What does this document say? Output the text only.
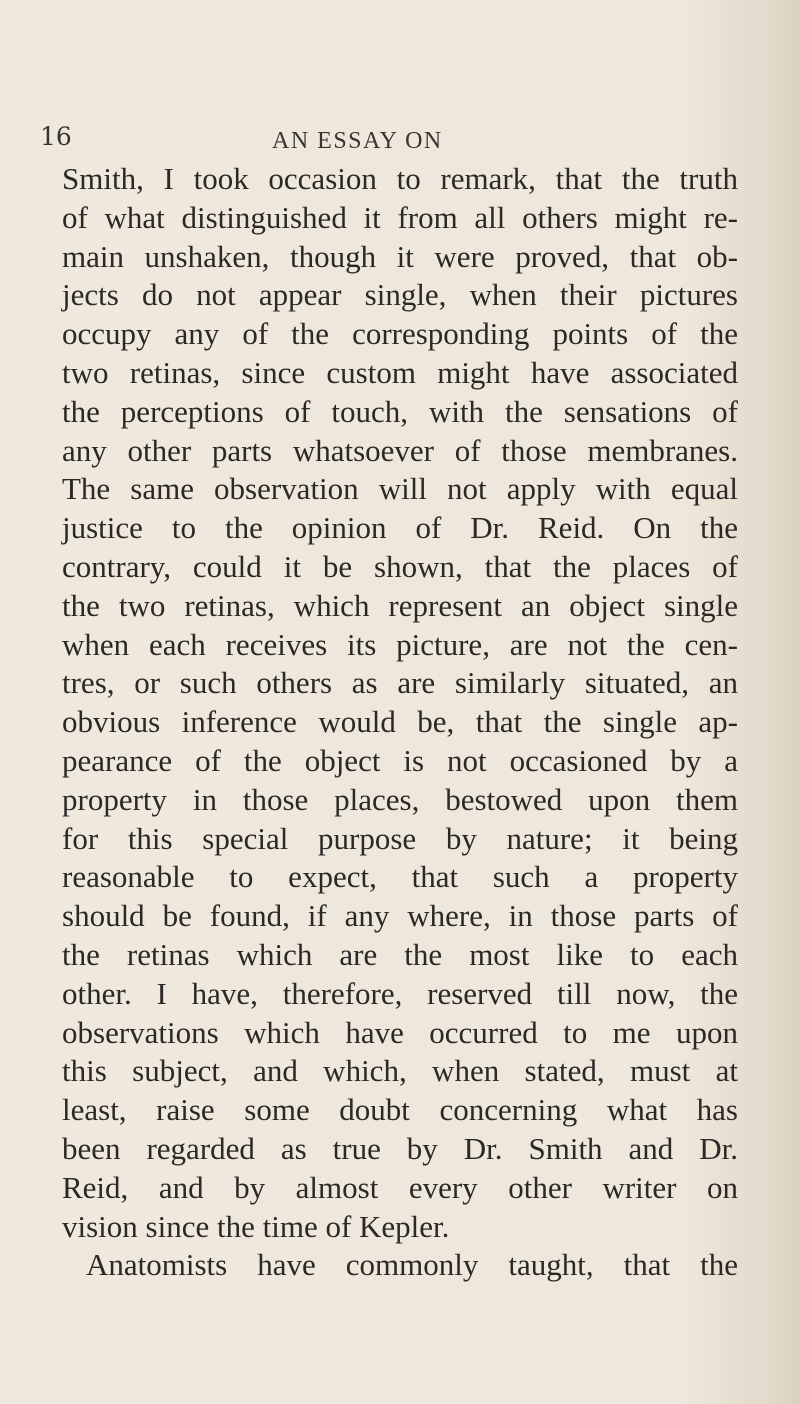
16	AN ESSAY ON
Smith, I took occasion to remark, that the truth
of what distinguished it from all others might re-
main unshaken, though it were proved, that ob-
jects do not appear single, when their pictures
occupy any of the corresponding points of the
two retinas, since custom might have associated
the perceptions of touch, with the sensations of
any other parts whatsoever of those membranes.
The same observation will not apply with equal
justice to the opinion of Dr. Reid. On the
contrary, could it be shown, that the places of
the two retinas, which represent an object single
when each receives its picture, are not the cen-
tres, or such others as are similarly situated, an
obvious inference would be, that the single ap-
pearance of the object is not occasioned by a
property in those places, bestowed upon them
for this special purpose by nature; it being
reasonable to expect, that such a property
should be found, if any where, in those parts of
the retinas which are the most like to each
other. I have, therefore, reserved till now, the
observations which have occurred to me upon
this subject, and which, when stated, must at
least, raise some doubt concerning what has
been regarded as true by Dr. Smith and Dr.
Reid, and by almost every other writer on
vision since the time of Kepler.
Anatomists have commonly taught, that the
